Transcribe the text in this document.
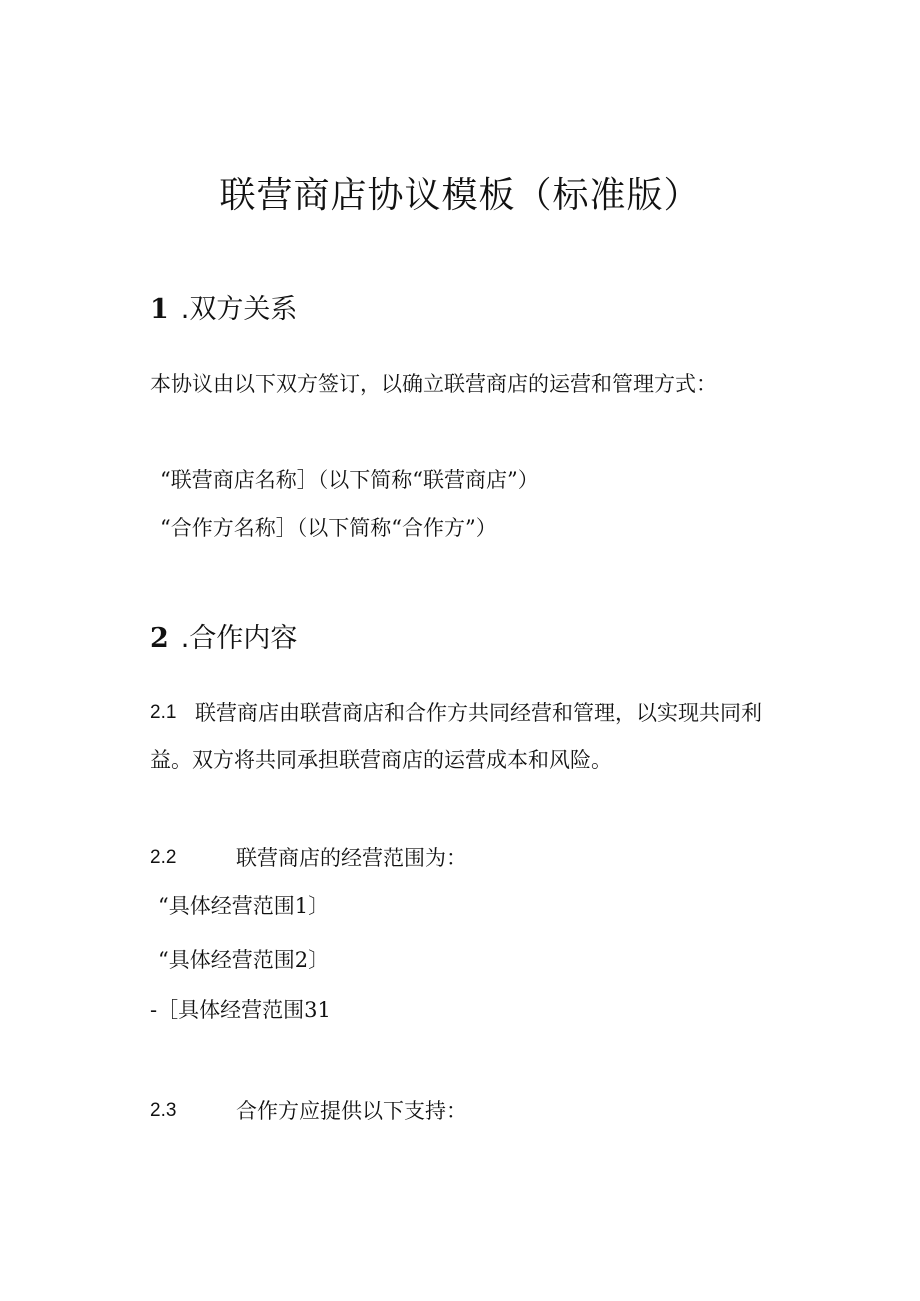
联营商店协议模板（标准版）
1 .双方关系
本协议由以下双方签订，以确立联营商店的运营和管理方式：
“联营商店名称］（以下简称“联营商店”）
“合作方名称］（以下简称“合作方”）
2 .合作内容
2.1 联营商店由联营商店和合作方共同经营和管理，以实现共同利
益。双方将共同承担联营商店的运营成本和风险。
2.2	联营商店的经营范围为：
“具体经营范围1〕
“具体经营范围2〕
-［具体经营范围31
2.3	合作方应提供以下支持：
